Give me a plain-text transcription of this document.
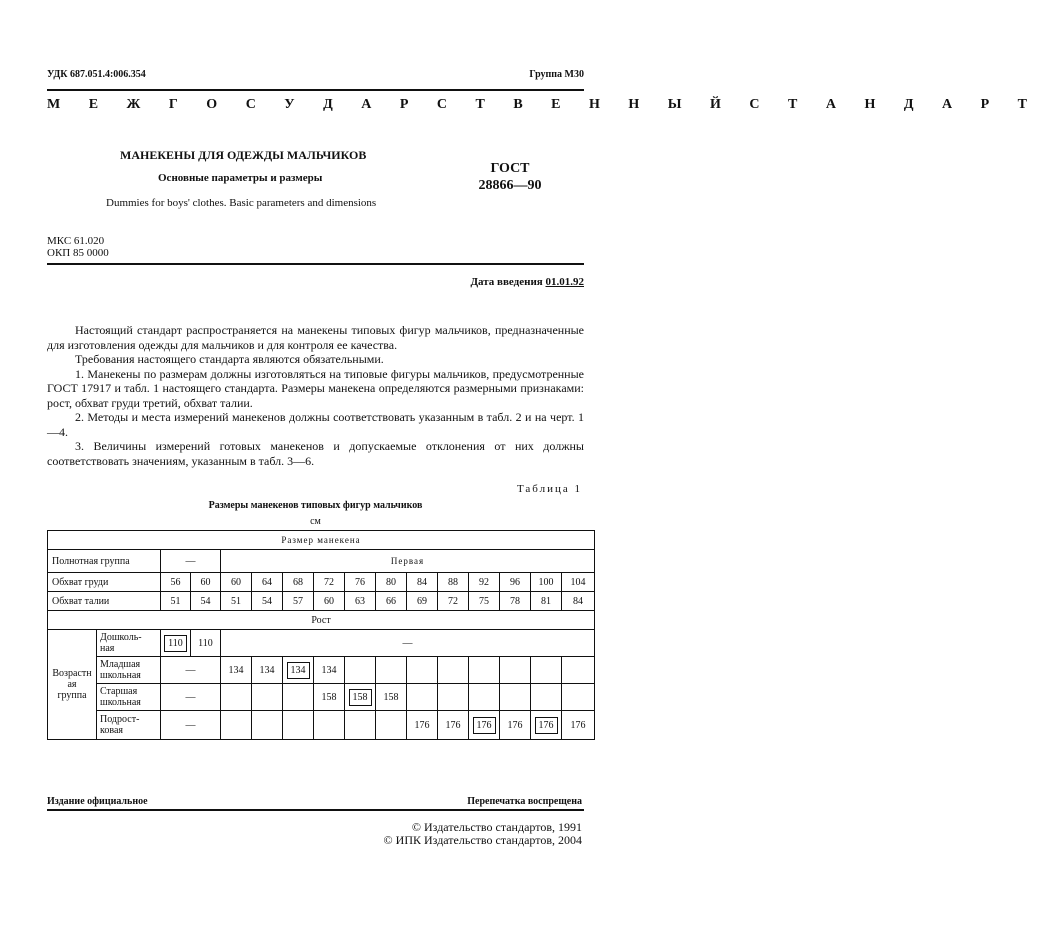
УДК 687.051.4:006.354	Группа М30
М Е Ж Г О С У Д А Р С Т В Е Н Н Ы Й С Т А Н Д А Р Т
МАНЕКЕНЫ ДЛЯ ОДЕЖДЫ МАЛЬЧИКОВ
Основные параметры и размеры
Dummies for boys' clothes. Basic parameters and dimensions
ГОСТ
28866—90
МКС 61.020
ОКП 85 0000
Дата введения 01.01.92

Настоящий стандарт распространяется на манекены типовых фигур мальчиков, предназначенные для изготовления одежды для мальчиков и для контроля ее качества.

Требования настоящего стандарта являются обязательными.

1. Манекены по размерам должны изготовляться на типовые фигуры мальчиков, предусмотренные ГОСТ 17917 и табл. 1 настоящего стандарта. Размеры манекена определяются размерными признаками: рост, обхват груди третий, обхват талии.

2. Методы и места измерений манекенов должны соответствовать указанным в табл. 2 и на черт. 1—4.

3. Величины измерений готовых манекенов и допускаемые отклонения от них должны соответствовать значениям, указанным в табл. 3—6.

Таблица 1
Размеры манекенов типовых фигур мальчиков
см
Размер манекена															
Полнотная группа		—		Первая											
Обхват груди		56	60	60	64	68	72	76	80	84	88	92	96	100	104
Обхват талии		51	54	51	54	57	60	63	66	69	72	75	78	81	84
Рост															
Возрастная группа	Дошколь-
ная	110	110	—											
	Младшая
школьная	—		134	134	134	134								
	Старшая
школьная	—					158	158	158						
	Подрост-
ковая	—								176	176	176	176	176	176
Издание официальное	Перепечатка воспрещена
© Издательство стандартов, 1991
© ИПК Издательство стандартов, 2004
